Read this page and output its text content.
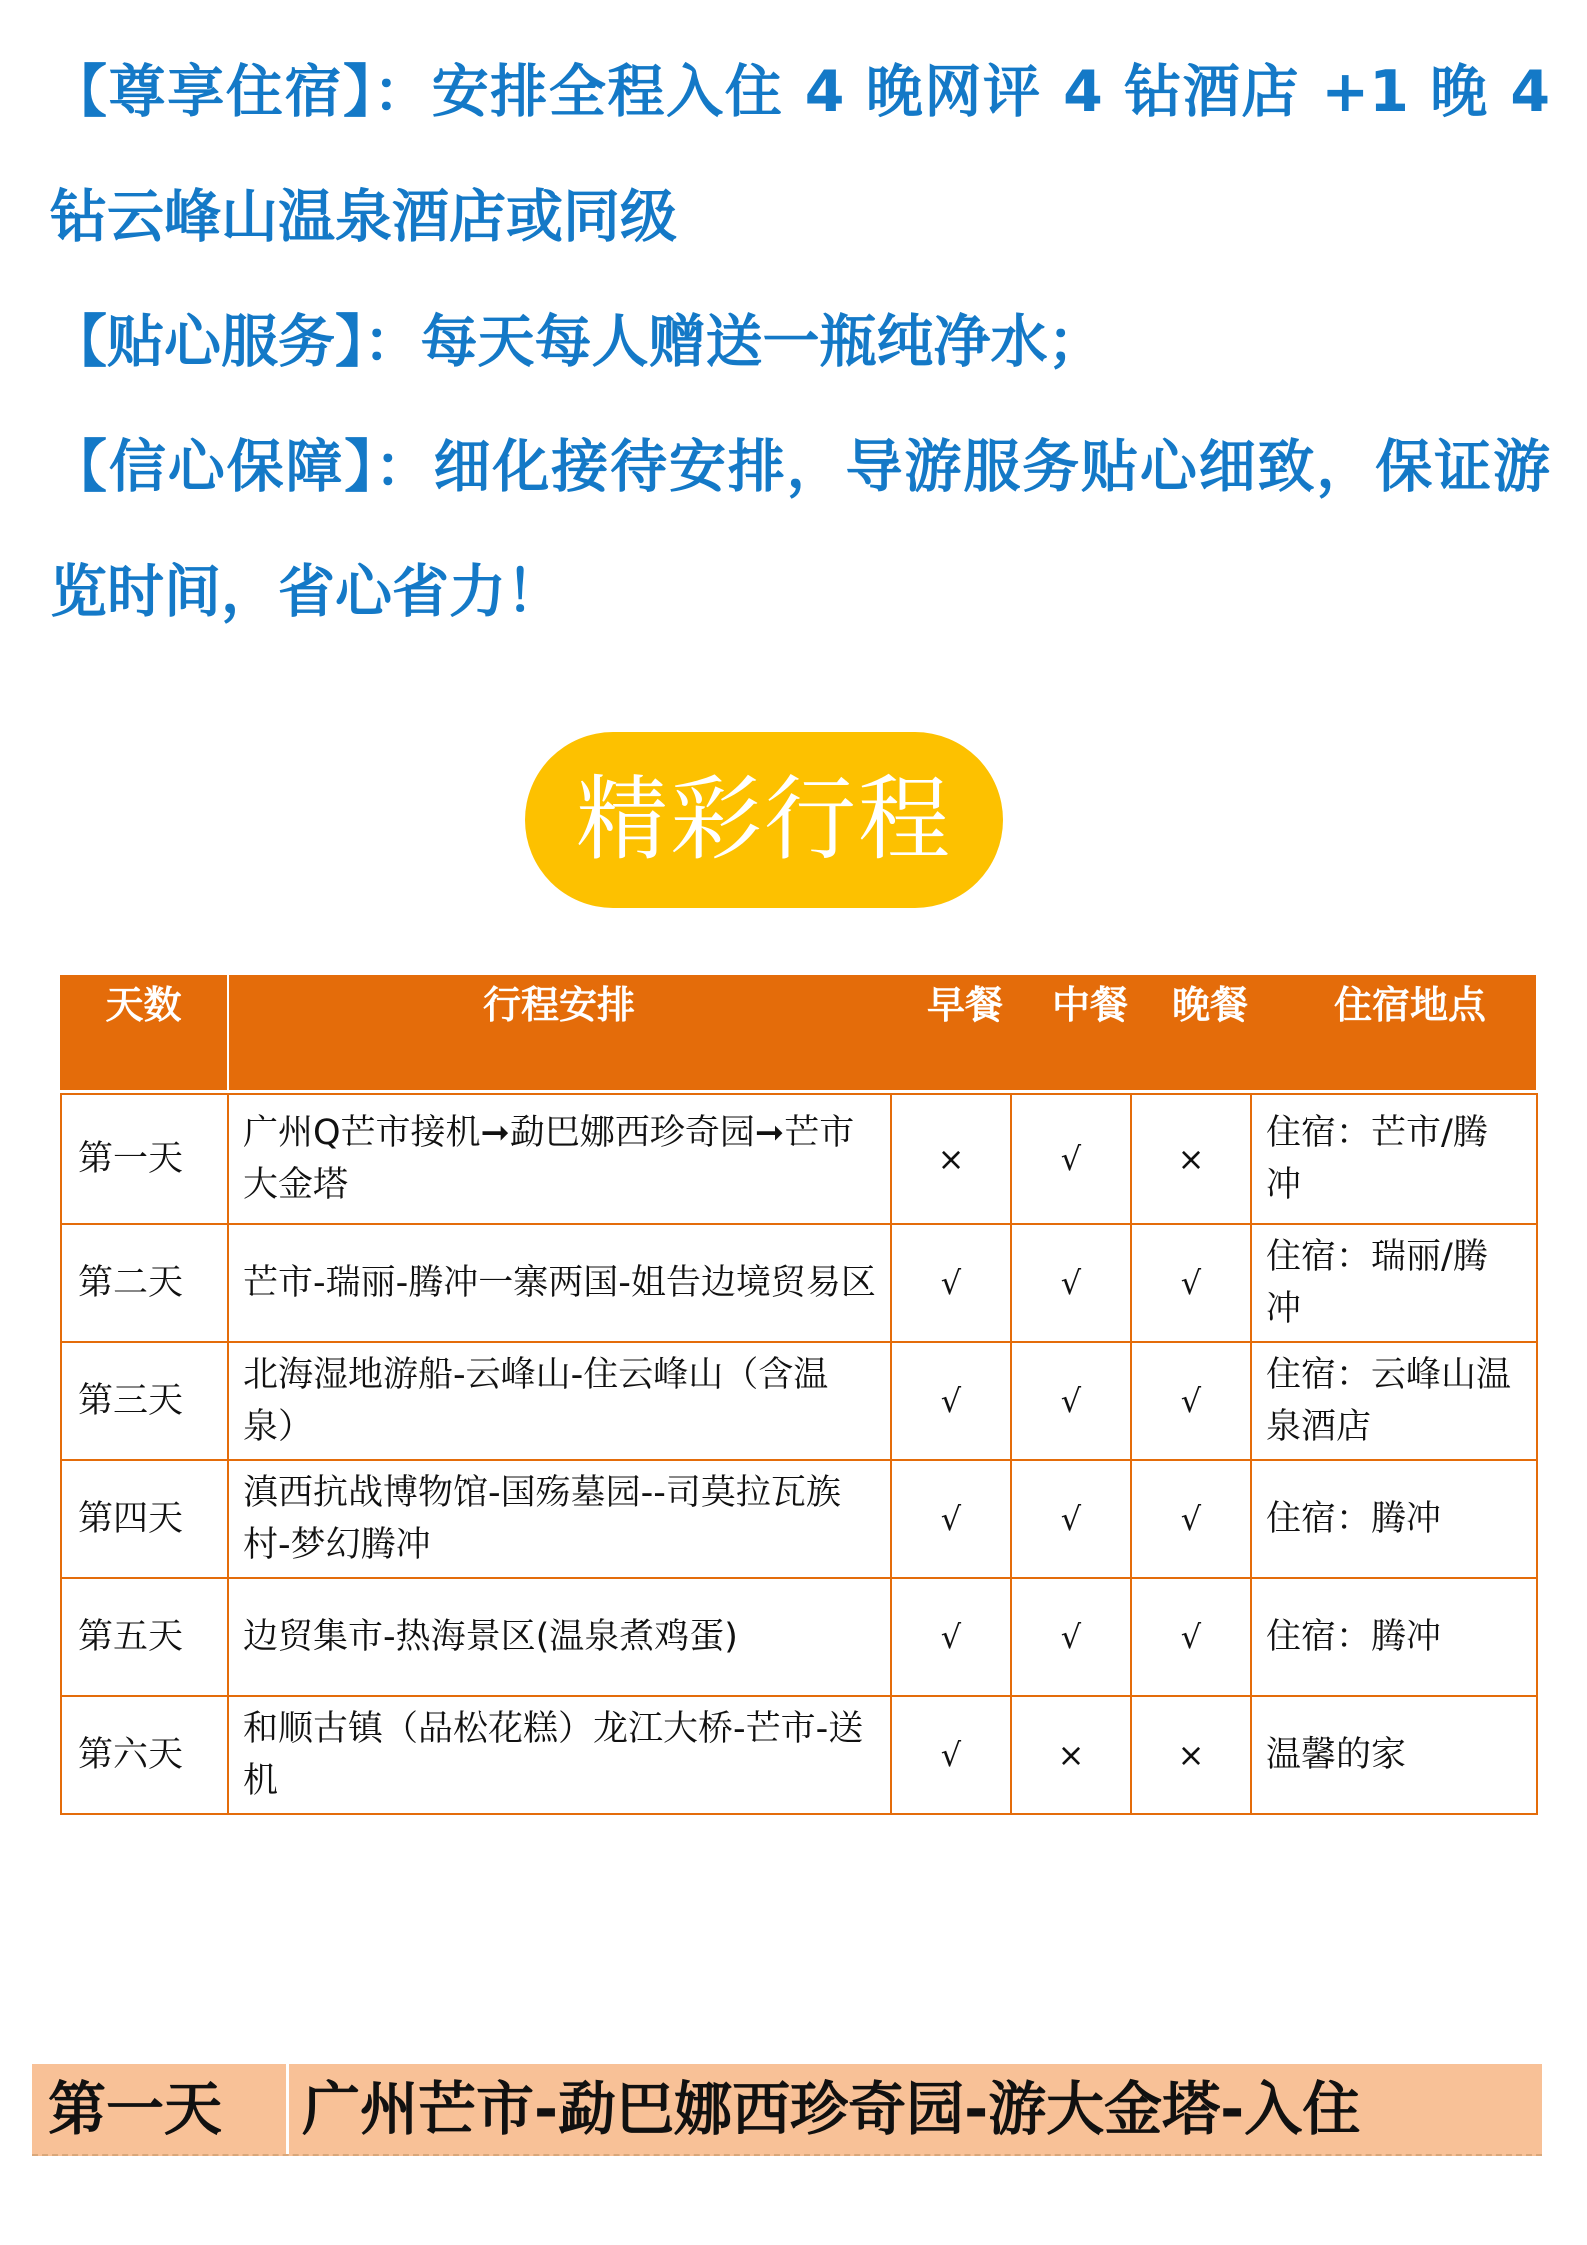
【尊享住宿】：安排全程入住 4 晚网评 4 钻酒店 +1 晚 4 钻云峰山温泉酒店或同级
【贴心服务】：每天每人赠送一瓶纯净水；
【信心保障】：细化接待安排，导游服务贴心细致，保证游览时间，省心省力！
精彩行程
天数	行程安排	早餐	中餐	晚餐	住宿地点
第一天	广州Q芒市接机➞勐巴娜西珍奇园➞芒市大金塔	×	√	×	住宿：芒市/腾冲
第二天	芒市-瑞丽-腾冲一寨两国-姐告边境贸易区	√	√	√	住宿：瑞丽/腾冲
第三天	北海湿地游船-云峰山-住云峰山（含温泉）	√	√	√	住宿：云峰山温泉酒店
第四天	滇西抗战博物馆-国殇墓园--司莫拉瓦族村-梦幻腾冲	√	√	√	住宿：腾冲
第五天	边贸集市-热海景区(温泉煮鸡蛋)	√	√	√	住宿：腾冲
第六天	和顺古镇（品松花糕）龙江大桥-芒市-送机	√	×	×	温馨的家
第一天 广州芒市-勐巴娜西珍奇园-游大金塔-入住
